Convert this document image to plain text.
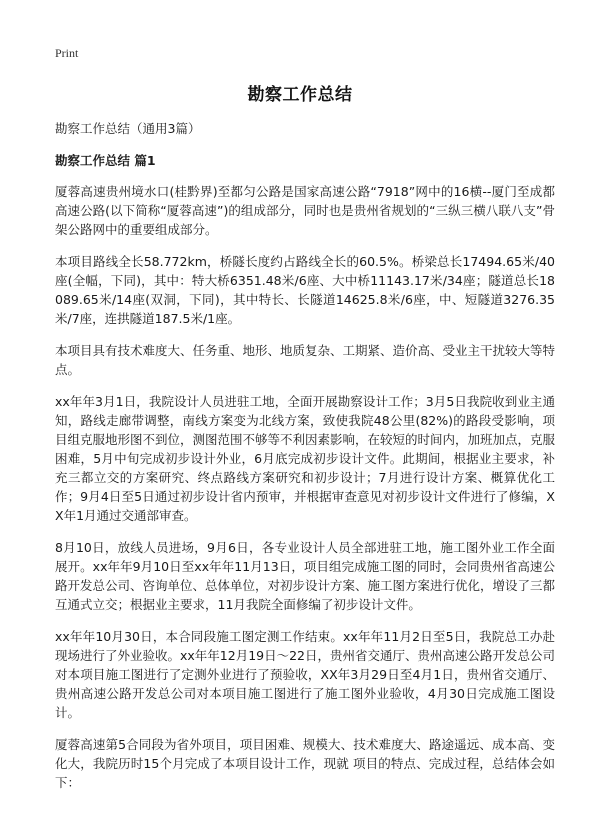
Print
勘察工作总结

勘察工作总结（通用3篇）

勘察工作总结 篇1

厦蓉高速贵州境水口(桂黔界)至都匀公路是国家高速公路“7918”网中的16横--厦门至成都高速公路(以下简称“厦蓉高速”)的组成部分，同时也是贵州省规划的“三纵三横八联八支”骨架公路网中的重要组成部分。

本项目路线全长58.772km，桥隧长度约占路线全长的60.5%。桥梁总长17494.65米/40座(全幅，下同)，其中：特大桥6351.48米/6座、大中桥11143.17米/34座；隧道总长18089.65米/14座(双洞，下同)，其中特长、长隧道14625.8米/6座，中、短隧道3276.35米/7座，连拱隧道187.5米/1座。

本项目具有技术难度大、任务重、地形、地质复杂、工期紧、造价高、受业主干扰较大等特点。

xx年年3月1日，我院设计人员进驻工地，全面开展勘察设计工作；3月5日我院收到业主通知，路线走廊带调整，南线方案变为北线方案，致使我院48公里(82%)的路段受影响，项目组克服地形图不到位，测图范围不够等不利因素影响，在较短的时间内，加班加点，克服困难，5月中旬完成初步设计外业，6月底完成初步设计文件。此期间，根据业主要求，补充三都立交的方案研究、终点路线方案研究和初步设计；7月进行设计方案、概算优化工作；9月4日至5日通过初步设计省内预审，并根据审查意见对初步设计文件进行了修编，XX年1月通过交通部审查。

8月10日，放线人员进场，9月6日，各专业设计人员全部进驻工地，施工图外业工作全面展开。xx年年9月10日至xx年年11月13日，项目组完成施工图的同时，会同贵州省高速公路开发总公司、咨询单位、总体单位，对初步设计方案、施工图方案进行优化，增设了三都互通式立交；根据业主要求，11月我院全面修编了初步设计文件。

xx年年10月30日，本合同段施工图定测工作结束。xx年年11月2日至5日，我院总工办赴现场进行了外业验收。xx年年12月19日～22日，贵州省交通厅、贵州高速公路开发总公司对本项目施工图进行了定测外业进行了预验收，XX年3月29日至4月1日，贵州省交通厅、贵州高速公路开发总公司对本项目施工图进行了施工图外业验收，4月30日完成施工图设计。

厦蓉高速第5合同段为省外项目，项目困难、规模大、技术难度大、路途遥远、成本高、变化大，我院历时15个月完成了本项目设计工作，现就 项目的特点、完成过程，总结体会如下：
